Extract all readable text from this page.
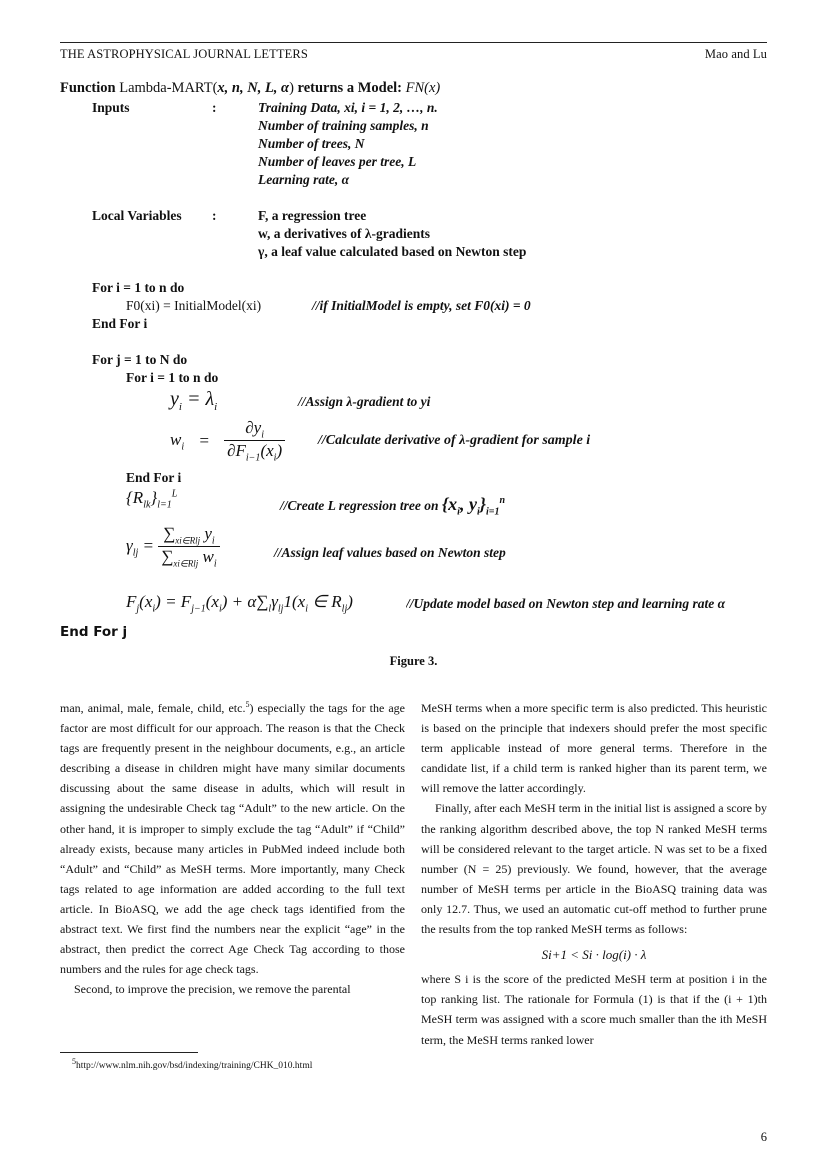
THE ASTROPHYSICAL JOURNAL LETTERS	Mao and Lu
Function Lambda-MART(x, n, N, L, α) returns a Model: FN(x)
Inputs	:	Training Data, xi, i = 1, 2, …, n.
Number of training samples, n
Number of trees, N
Number of leaves per tree, L
Learning rate, α
Local Variables :	F, a regression tree
w, a derivatives of λ-gradients
γ, a leaf value calculated based on Newton step
For i = 1 to n do
F0(xi) = InitialModel(xi)	//if InitialModel is empty, set F0(xi) = 0
End For i
For j = 1 to N do
For i = 1 to n do
$y_i = \lambda_i$	//Assign λ-gradient to yi
$w_i = \frac{\partial y_i}{\partial F_{i-1}(x_i)}$ //Calculate derivative of λ-gradient for sample i
End For i
$\{R_{lk}\}_{l=1}^L$
//Create L regression tree on {$x_i$, $y_i\}_{i=1}^n$
$\gamma_{lj} = \frac{\sum_{xi\in Rlj} y_i}{\sum_{xi\in Rlj} w_i}$	//Assign leaf values based on Newton step
$F_j(x_i) = F_{j-1}(x_i) + \alpha\sum_l\gamma_{lj}1(x_i$ ∈ $R_{lj}$)	//Update model based on Newton step and learning rate α
End For j
Figure 3.

man, animal, male, female, child, etc.$^5$) especially the tags for the age factor are most difficult for our approach. The reason is that the Check tags are frequently present in the neighbour documents, e.g., an article describing a disease in children might have many similar documents discussing about the same disease in adults, which will result in assigning the undesirable Check tag “Adult” to the new article. On the other hand, it is improper to simply exclude the tag “Adult” if “Child” already exists, because many articles in PubMed indeed include both “Adult” and “Child” as MeSH terms. More importantly, many Check tags related to age information are added according to the full text article. In BioASQ, we add the age check tags identified from the abstract text. We first find the numbers near the explicit “age” in the abstract, then predict the correct Age Check Tag according to those numbers and the rules for age check tags.

Second, to improve the precision, we remove the parental

$^5$http://www.nlm.nih.gov/bsd/indexing/training/CHK_010.html

MeSH terms when a more specific term is also predicted. This heuristic is based on the principle that indexers should prefer the most specific term applicable instead of more general terms. Therefore in the candidate list, if a child term is ranked higher than its parent term, we will remove the latter accordingly.

Finally, after each MeSH term in the initial list is assigned a score by the ranking algorithm described above, the top N ranked MeSH terms will be considered relevant to the target article. N was set to be a fixed number (N = 25) previously. We found, however, that the average number of MeSH terms per article in the BioASQ training data was only 12.7. Thus, we used an automatic cut-off method to further prune the results from the top ranked MeSH terms as follows:

Si+1 < Si · log(i) · λ

where S i is the score of the predicted MeSH term at position i in the top ranking list. The rationale for Formula (1) is that if the (i + 1)th MeSH term was assigned with a score much smaller than the ith MeSH term, the MeSH terms ranked lower

6
